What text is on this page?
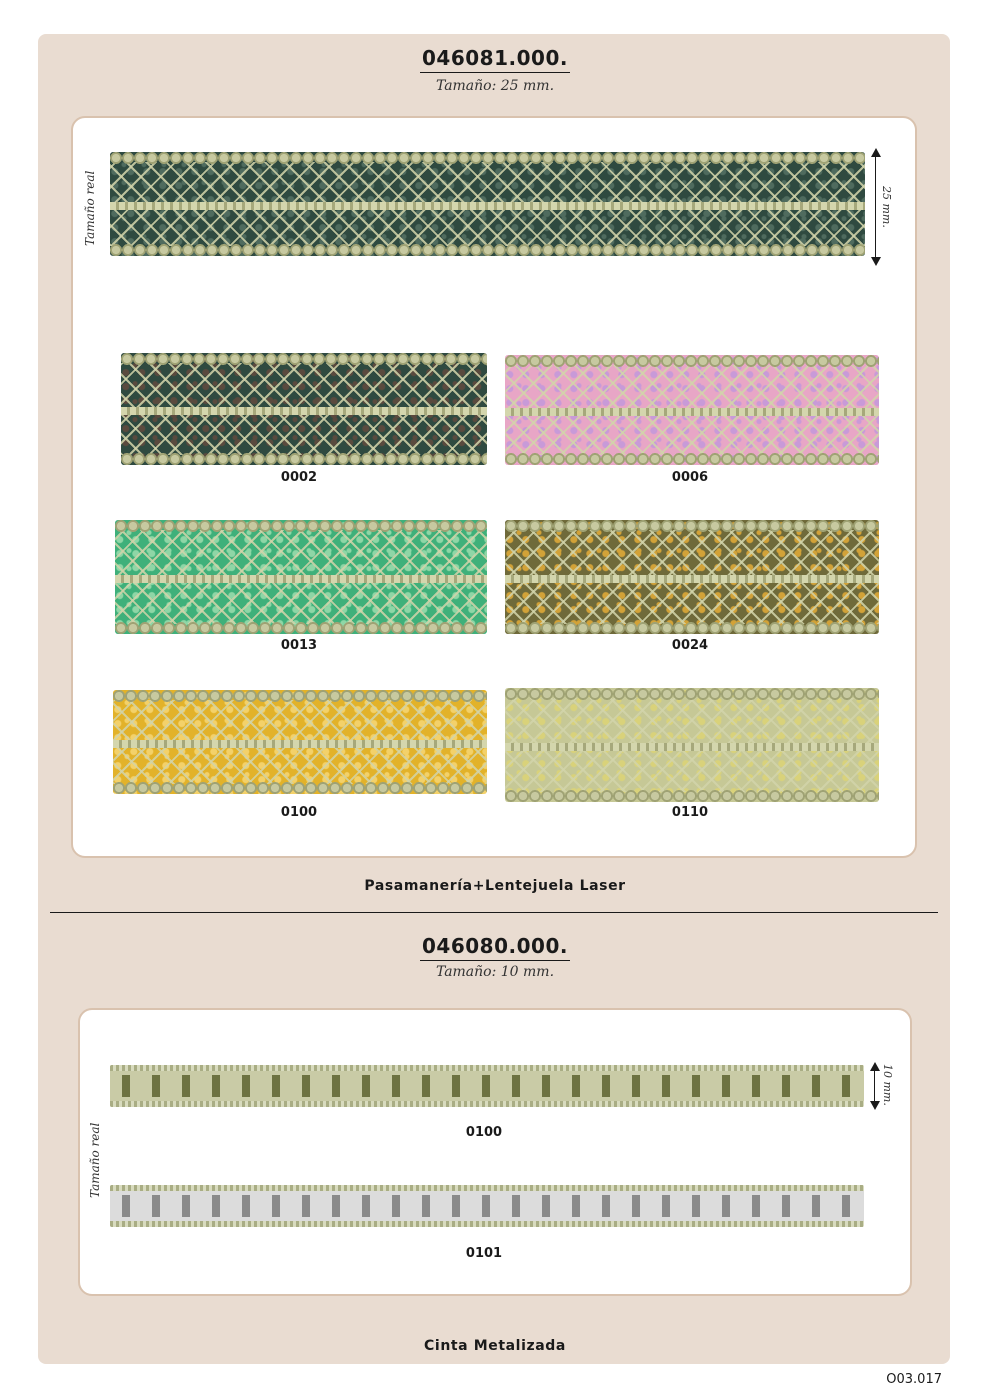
046081.000.
Tamaño: 25 mm.
Tamaño real	25 mm.
0002	0006
0013	0024
0100	0110
Pasamanería+Lentejuela Laser
046080.000.
Tamaño: 10 mm.
Tamaño real
10 mm.
0100
0101
Cinta Metalizada
O03.017
